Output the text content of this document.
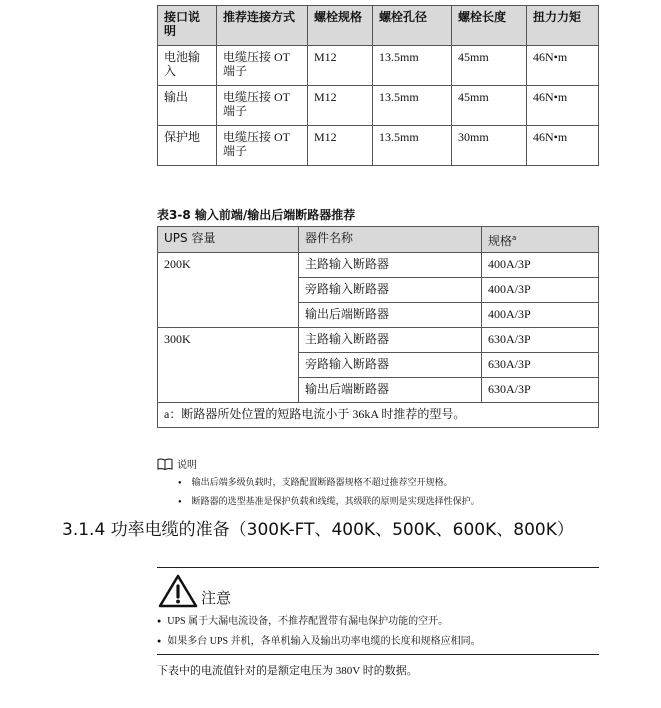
接口说明	推荐连接方式	螺栓规格	螺栓孔径	螺栓长度	扭力力矩
电池输入	电缆压接 OT 端子	M12	13.5mm	45mm	46N•m
输出	电缆压接 OT 端子	M12	13.5mm	45mm	46N•m
保护地	电缆压接 OT 端子	M12	13.5mm	30mm	46N•m
表3-8 输入前端/输出后端断路器推荐
UPS 容量	器件名称	规格$^a$
200K	主路输入断路器	400A/3P
	旁路输入断路器	400A/3P
	输出后端断路器	400A/3P
300K	主路输入断路器	630A/3P
	旁路输入断路器	630A/3P
	输出后端断路器	630A/3P
a：断路器所处位置的短路电流小于 36kA 时推荐的型号。		
说明
● 输出后端多级负载时，支路配置断路器规格不超过推荐空开规格。
● 断路器的选型基准是保护负载和线缆，其级联的原则是实现选择性保护。
3.1.4 功率电缆的准备（300K-FT、400K、500K、600K、800K）
注意
● UPS 属于大漏电流设备，不推荐配置带有漏电保护功能的空开。
● 如果多台 UPS 并机，各单机输入及输出功率电缆的长度和规格应相同。
下表中的电流值针对的是额定电压为 380V 时的数据。
